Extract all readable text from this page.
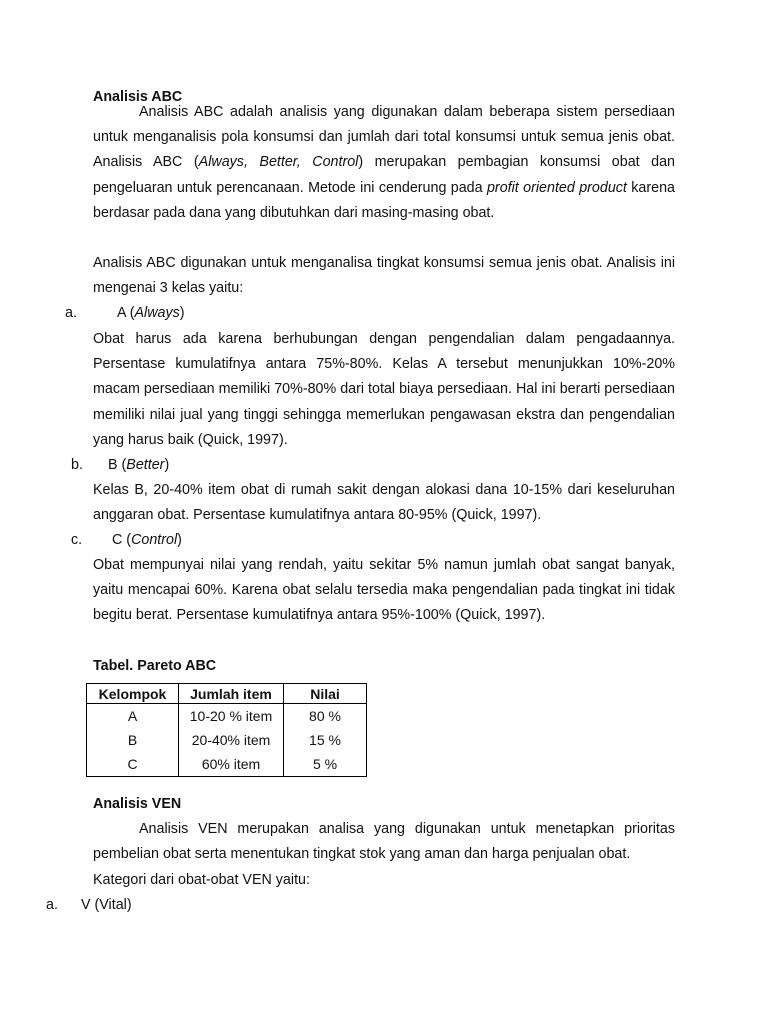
Analisis ABC
Analisis ABC adalah analisis yang digunakan dalam beberapa sistem persediaan untuk menganalisis pola konsumsi dan jumlah dari total konsumsi untuk semua jenis obat. Analisis ABC (Always, Better, Control) merupakan pembagian konsumsi obat dan pengeluaran untuk perencanaan. Metode ini cenderung pada profit oriented product karena berdasar pada dana yang dibutuhkan dari masing-masing obat.
Analisis ABC digunakan untuk menganalisa tingkat konsumsi semua jenis obat. Analisis ini mengenai 3 kelas yaitu:
a.	A (Always)
Obat harus ada karena berhubungan dengan pengendalian dalam pengadaannya. Persentase kumulatifnya antara 75%-80%. Kelas A tersebut menunjukkan 10%-20% macam persediaan memiliki 70%-80% dari total biaya persediaan. Hal ini berarti persediaan memiliki nilai jual yang tinggi sehingga memerlukan pengawasan ekstra dan pengendalian yang harus baik (Quick, 1997).
b. B (Better)
Kelas B, 20-40% item obat di rumah sakit dengan alokasi dana 10-15% dari keseluruhan anggaran obat. Persentase kumulatifnya antara 80-95% (Quick, 1997).
c. C (Control)
Obat mempunyai nilai yang rendah, yaitu sekitar 5% namun jumlah obat sangat banyak, yaitu mencapai 60%. Karena obat selalu tersedia maka pengendalian pada tingkat ini tidak begitu berat. Persentase kumulatifnya antara 95%-100% (Quick, 1997).
Tabel. Pareto ABC
Kelompok	Jumlah item	Nilai
A	10-20 % item	80 %
B	20-40% item	15 %
C	60% item	5 %
Analisis VEN
Analisis VEN merupakan analisa yang digunakan untuk menetapkan prioritas pembelian obat serta menentukan tingkat stok yang aman dan harga penjualan obat.
Kategori dari obat-obat VEN yaitu:
a. V (Vital)
